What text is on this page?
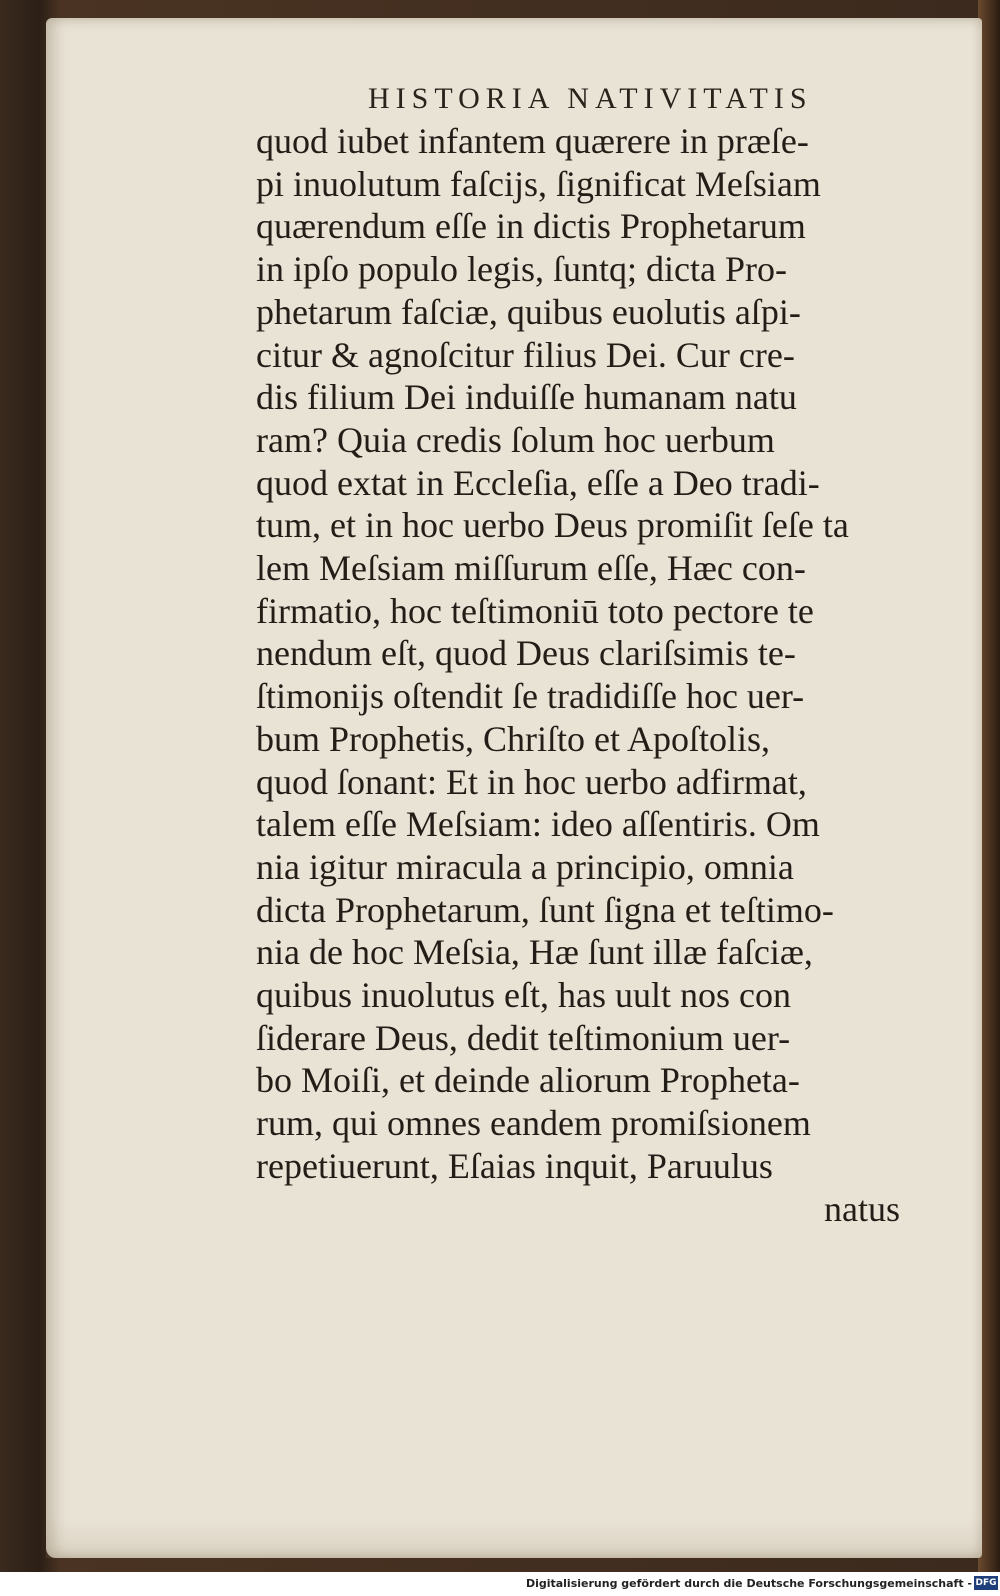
HISTORIA NATIVITATIS
quod iubet infantem quærere in præſe-
pi inuolutum faſcijs, ſignificat Meſsiam
quærendum eſſe in dictis Prophetarum
in ipſo populo legis, ſuntq; dicta Pro-
phetarum faſciæ, quibus euolutis aſpi-
citur & agnoſcitur filius Dei. Cur cre-
dis filium Dei induiſſe humanam natu
ram? Quia credis ſolum hoc uerbum
quod extat in Eccleſia, eſſe a Deo tradi-
tum, et in hoc uerbo Deus promiſit ſeſe ta
lem Meſsiam miſſurum eſſe, Hæc con-
firmatio, hoc teſtimoniū toto pectore te
nendum eſt, quod Deus clariſsimis te-
ſtimonijs oſtendit ſe tradidiſſe hoc uer-
bum Prophetis, Chriſto et Apoſtolis,
quod ſonant: Et in hoc uerbo adfirmat,
talem eſſe Meſsiam: ideo aſſentiris. Om
nia igitur miracula a principio, omnia
dicta Prophetarum, ſunt ſigna et teſtimo-
nia de hoc Meſsia, Hæ ſunt illæ faſciæ,
quibus inuolutus eſt, has uult nos con
ſiderare Deus, dedit teſtimonium uer-
bo Moiſi, et deinde aliorum Propheta-
rum, qui omnes eandem promiſsionem
repetiuerunt, Eſaias inquit, Paruulus
natus
Digitalisierung gefördert durch die Deutsche Forschungsgemeinschaft - DFG
